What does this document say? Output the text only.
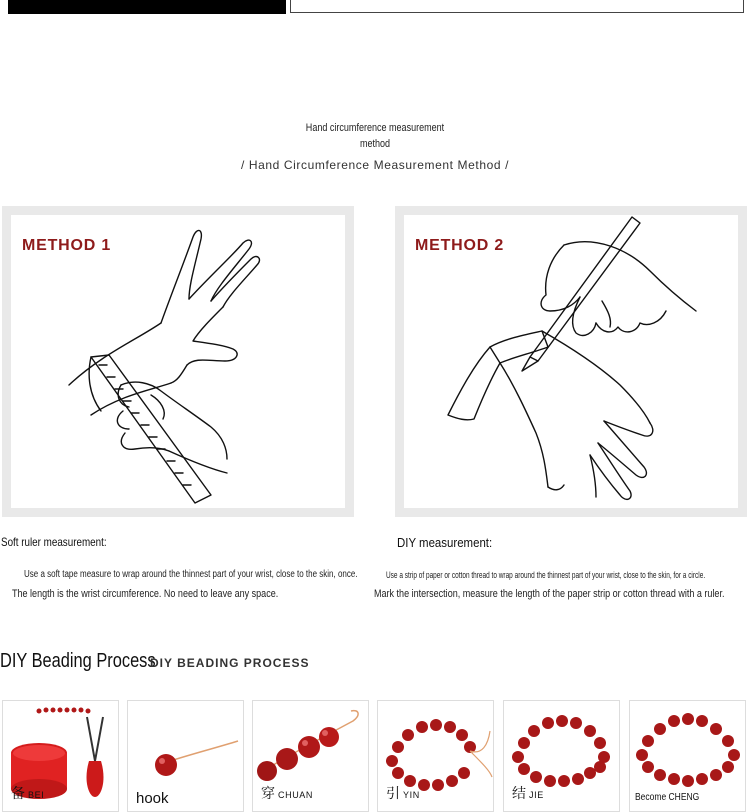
Hand circumference measurement
method
/ Hand Circumference Measurement Method /
METHOD 1	METHOD 2
Soft ruler measurement:	DIY measurement:
Use a soft tape measure to wrap around the thinnest part of your wrist, close to the skin, once.
The length is the wrist circumference. No need to leave any space.
Use a strip of paper or cotton thread to wrap around the thinnest part of your wrist, close to the skin, for a circle.
Mark the intersection, measure the length of the paper strip or cotton thread with a ruler.
DIY Beading Process
DIY BEADING PROCESS
备BEI	hook	穿CHUAN	引YIN	结JIE	Become CHENG
